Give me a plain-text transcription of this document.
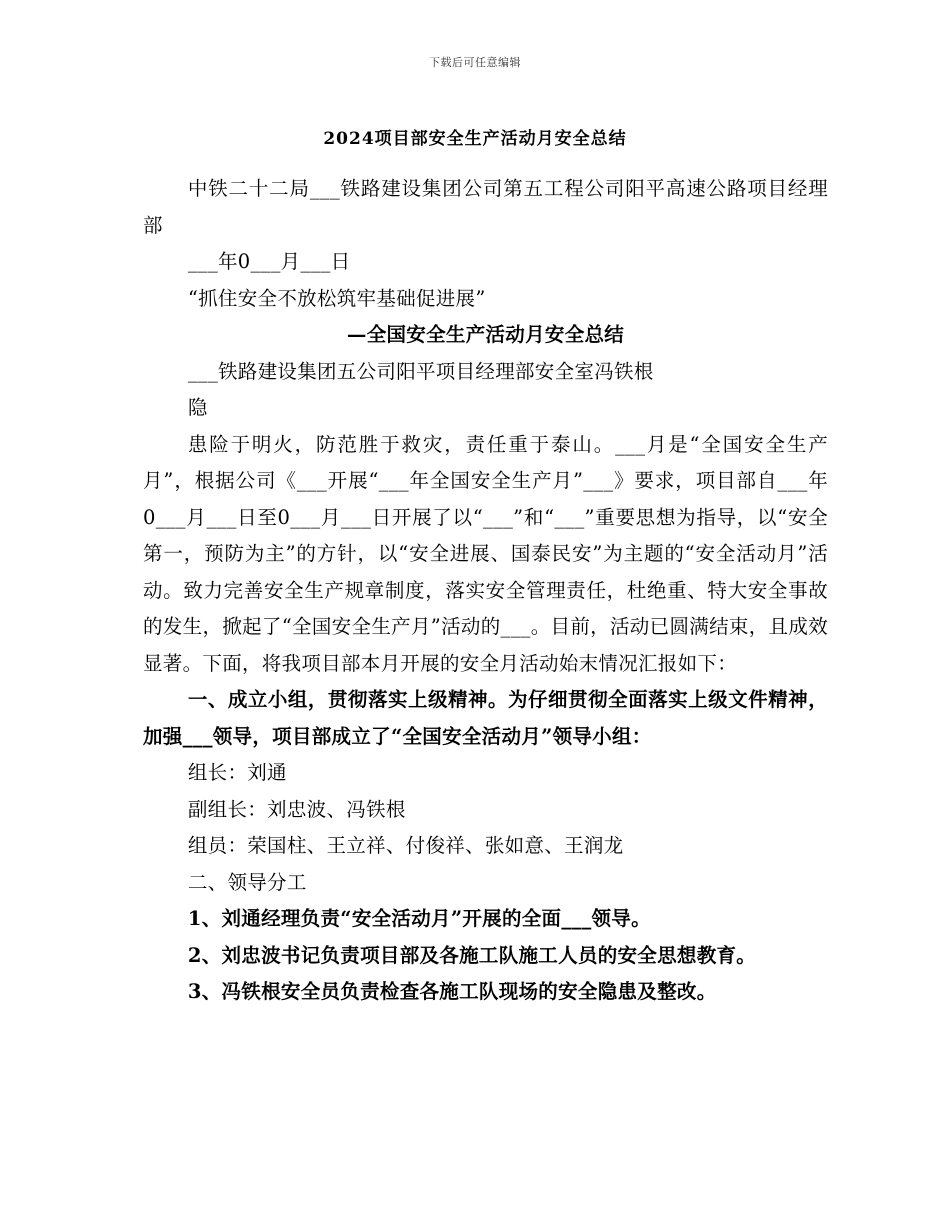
下载后可任意编辑
2024项目部安全生产活动月安全总结

中铁二十二局___铁路建设集团公司第五工程公司阳平高速公路项目经理部

___年0___月___日

“抓住安全不放松筑牢基础促进展”

—全国安全生产活动月安全总结

___铁路建设集团五公司阳平项目经理部安全室冯铁根

隐

患险于明火，防范胜于救灾，责任重于泰山。___月是“全国安全生产月”，根据公司《___开展“___年全国安全生产月”___》要求，项目部自___年0___月___日至0___月___日开展了以“___”和“___”重要思想为指导，以“安全第一，预防为主”的方针，以“安全进展、国泰民安”为主题的“安全活动月”活动。致力完善安全生产规章制度，落实安全管理责任，杜绝重、特大安全事故的发生，掀起了“全国安全生产月”活动的___。目前，活动已圆满结束，且成效显著。下面，将我项目部本月开展的安全月活动始末情况汇报如下：

一、成立小组，贯彻落实上级精神。为仔细贯彻全面落实上级文件精神，加强___领导，项目部成立了“全国安全活动月”领导小组：

组长：刘通

副组长：刘忠波、冯铁根

组员：荣国柱、王立祥、付俊祥、张如意、王润龙

二、领导分工

1、刘通经理负责“安全活动月”开展的全面___领导。

2、刘忠波书记负责项目部及各施工队施工人员的安全思想教育。

3、冯铁根安全员负责检查各施工队现场的安全隐患及整改。
